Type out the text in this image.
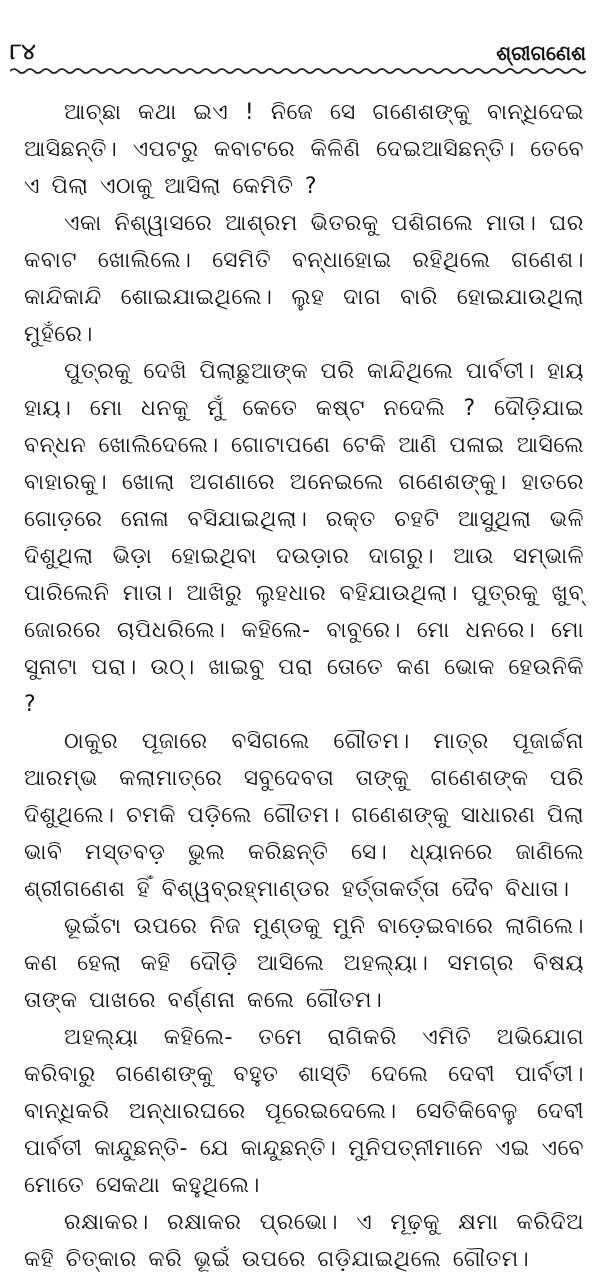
୮୪	ଶ୍ରୀଗଣେଶ

ଆଚ୍ଛା କଥା ଇଏ ! ନିଜେ ସେ ଗଣେଶଙ୍କୁ ବାନ୍ଧିଦେଇ ଆସିଛନ୍ତି। ଏପଟରୁ କବାଟରେ କିଳିଣି ଦେଇଆସିଛନ୍ତି। ତେବେ ଏ ପିଲା ଏଠାକୁ ଆସିଲା କେମିତି ?

ଏକା ନିଶ୍ୱାସରେ ଆଶ୍ରମ ଭିତରକୁ ପଶିଗଲେ ମାତା। ଘର କବାଟ ଖୋଲିଲେ। ସେମିତି ବନ୍ଧାହୋଇ ରହିଥିଲେ ଗଣେଶ। କାନ୍ଦିକାନ୍ଦି ଶୋଇଯାଇଥିଲେ। ଲୁହ ଦାଗ ବାରି ହୋଇଯାଉଥିଲା ମୁହଁରେ।

ପୁତ୍ରକୁ ଦେଖି ପିଲାଛୁଆଙ୍କ ପରି କାନ୍ଦିଥିଲେ ପାର୍ବତୀ। ହାୟ ହାୟ। ମୋ ଧନକୁ ମୁଁ କେତେ କଷ୍ଟ ନଦେଲି ? ଦୌଡ଼ିଯାଇ ବନ୍ଧନ ଖୋଲିଦେଲେ। ଗୋଟାପଣେ ଟେକି ଆଣି ପଳାଇ ଆସିଲେ ବାହାରକୁ। ଖୋଲା ଅଗଣାରେ ଅନେଇଲେ ଗଣେଶଙ୍କୁ। ହାତରେ ଗୋଡ଼ରେ ନୋଳା ବସିଯାଇଥିଲା। ରକ୍ତ ଚହଟି ଆସୁଥିଲା ଭଳି ଦିଶୁଥିଲା ଭିଡ଼ା ହୋଇଥିବା ଦଉଡ଼ାର ଦାଗରୁ। ଆଉ ସମ୍ଭାଳି ପାରିଲେନି ମାତା। ଆଖିରୁ ଲୁହଧାର ବହିଯାଉଥିଲା। ପୁତ୍ରକୁ ଖୁବ୍ ଜୋରରେ ଚାପିଧରିଲେ। କହିଲେ- ବାବୁରେ। ମୋ ଧନରେ। ମୋ ସୁନାଟା ପରା। ଉଠ୍। ଖାଇବୁ ପରା ତୋତେ କଣ ଭୋକ ହେଉନିକି ?

ଠାକୁର ପୂଜାରେ ବସିଗଲେ ଗୌତମ। ମାତ୍ର ପୂଜାର୍ଚ୍ଚନା ଆରମ୍ଭ କଲାମାତ୍ରେ ସବୁଦେବତା ତାଙ୍କୁ ଗଣେଶଙ୍କ ପରି ଦିଶୁଥିଲେ। ଚମକି ପଡ଼ିଲେ ଗୌତମ। ଗଣେଶଙ୍କୁ ସାଧାରଣ ପିଲା ଭାବି ମସ୍ତବଡ଼ ଭୁଲ କରିଛନ୍ତି ସେ। ଧ୍ୟାନରେ ଜାଣିଲେ ଶ୍ରୀଗଣେଶ ହିଁ ବିଶ୍ୱବ୍ରହ୍ମାଣ୍ଡର ହର୍ତ୍ତାକର୍ତ୍ତା ଦୈବ ବିଧାତା।

ଭୂଇଁଟା ଉପରେ ନିଜ ମୁଣ୍ଡକୁ ମୁନି ବାଡ଼େଇବାରେ ଲାଗିଲେ। କଣ ହେଲା କହି ଦୌଡ଼ି ଆସିଲେ ଅହଲ୍ୟା। ସମଗ୍ର ବିଷୟ ତାଙ୍କ ପାଖରେ ବର୍ଣ୍ଣନା କଲେ ଗୌତମ।

ଅହଲ୍ୟା କହିଲେ- ତମେ ରାଗିକରି ଏମିତି ଅଭିଯୋଗ କରିବାରୁ ଗଣେଶଙ୍କୁ ବହୁତ ଶାସ୍ତି ଦେଲେ ଦେବୀ ପାର୍ବତୀ। ବାନ୍ଧିକରି ଅନ୍ଧାରଘରେ ପୂରେଇଦେଲେ। ସେତିକିବେଳୁ ଦେବୀ ପାର୍ବତୀ କାନ୍ଦୁଛନ୍ତି- ଯେ କାନ୍ଦୁଛନ୍ତି। ମୁନିପତ୍ନୀମାନେ ଏଇ ଏବେ ମୋତେ ସେକଥା କହୁଥିଲେ।

ରକ୍ଷାକର। ରକ୍ଷାକର ପ୍ରଭୋ। ଏ ମୂଢ଼କୁ କ୍ଷମା କରିଦିଅ କହି ଚିତ୍କାର କରି ଭୂଇଁ ଉପରେ ଗଡ଼ିଯାଇଥିଲେ ଗୌତମ।
